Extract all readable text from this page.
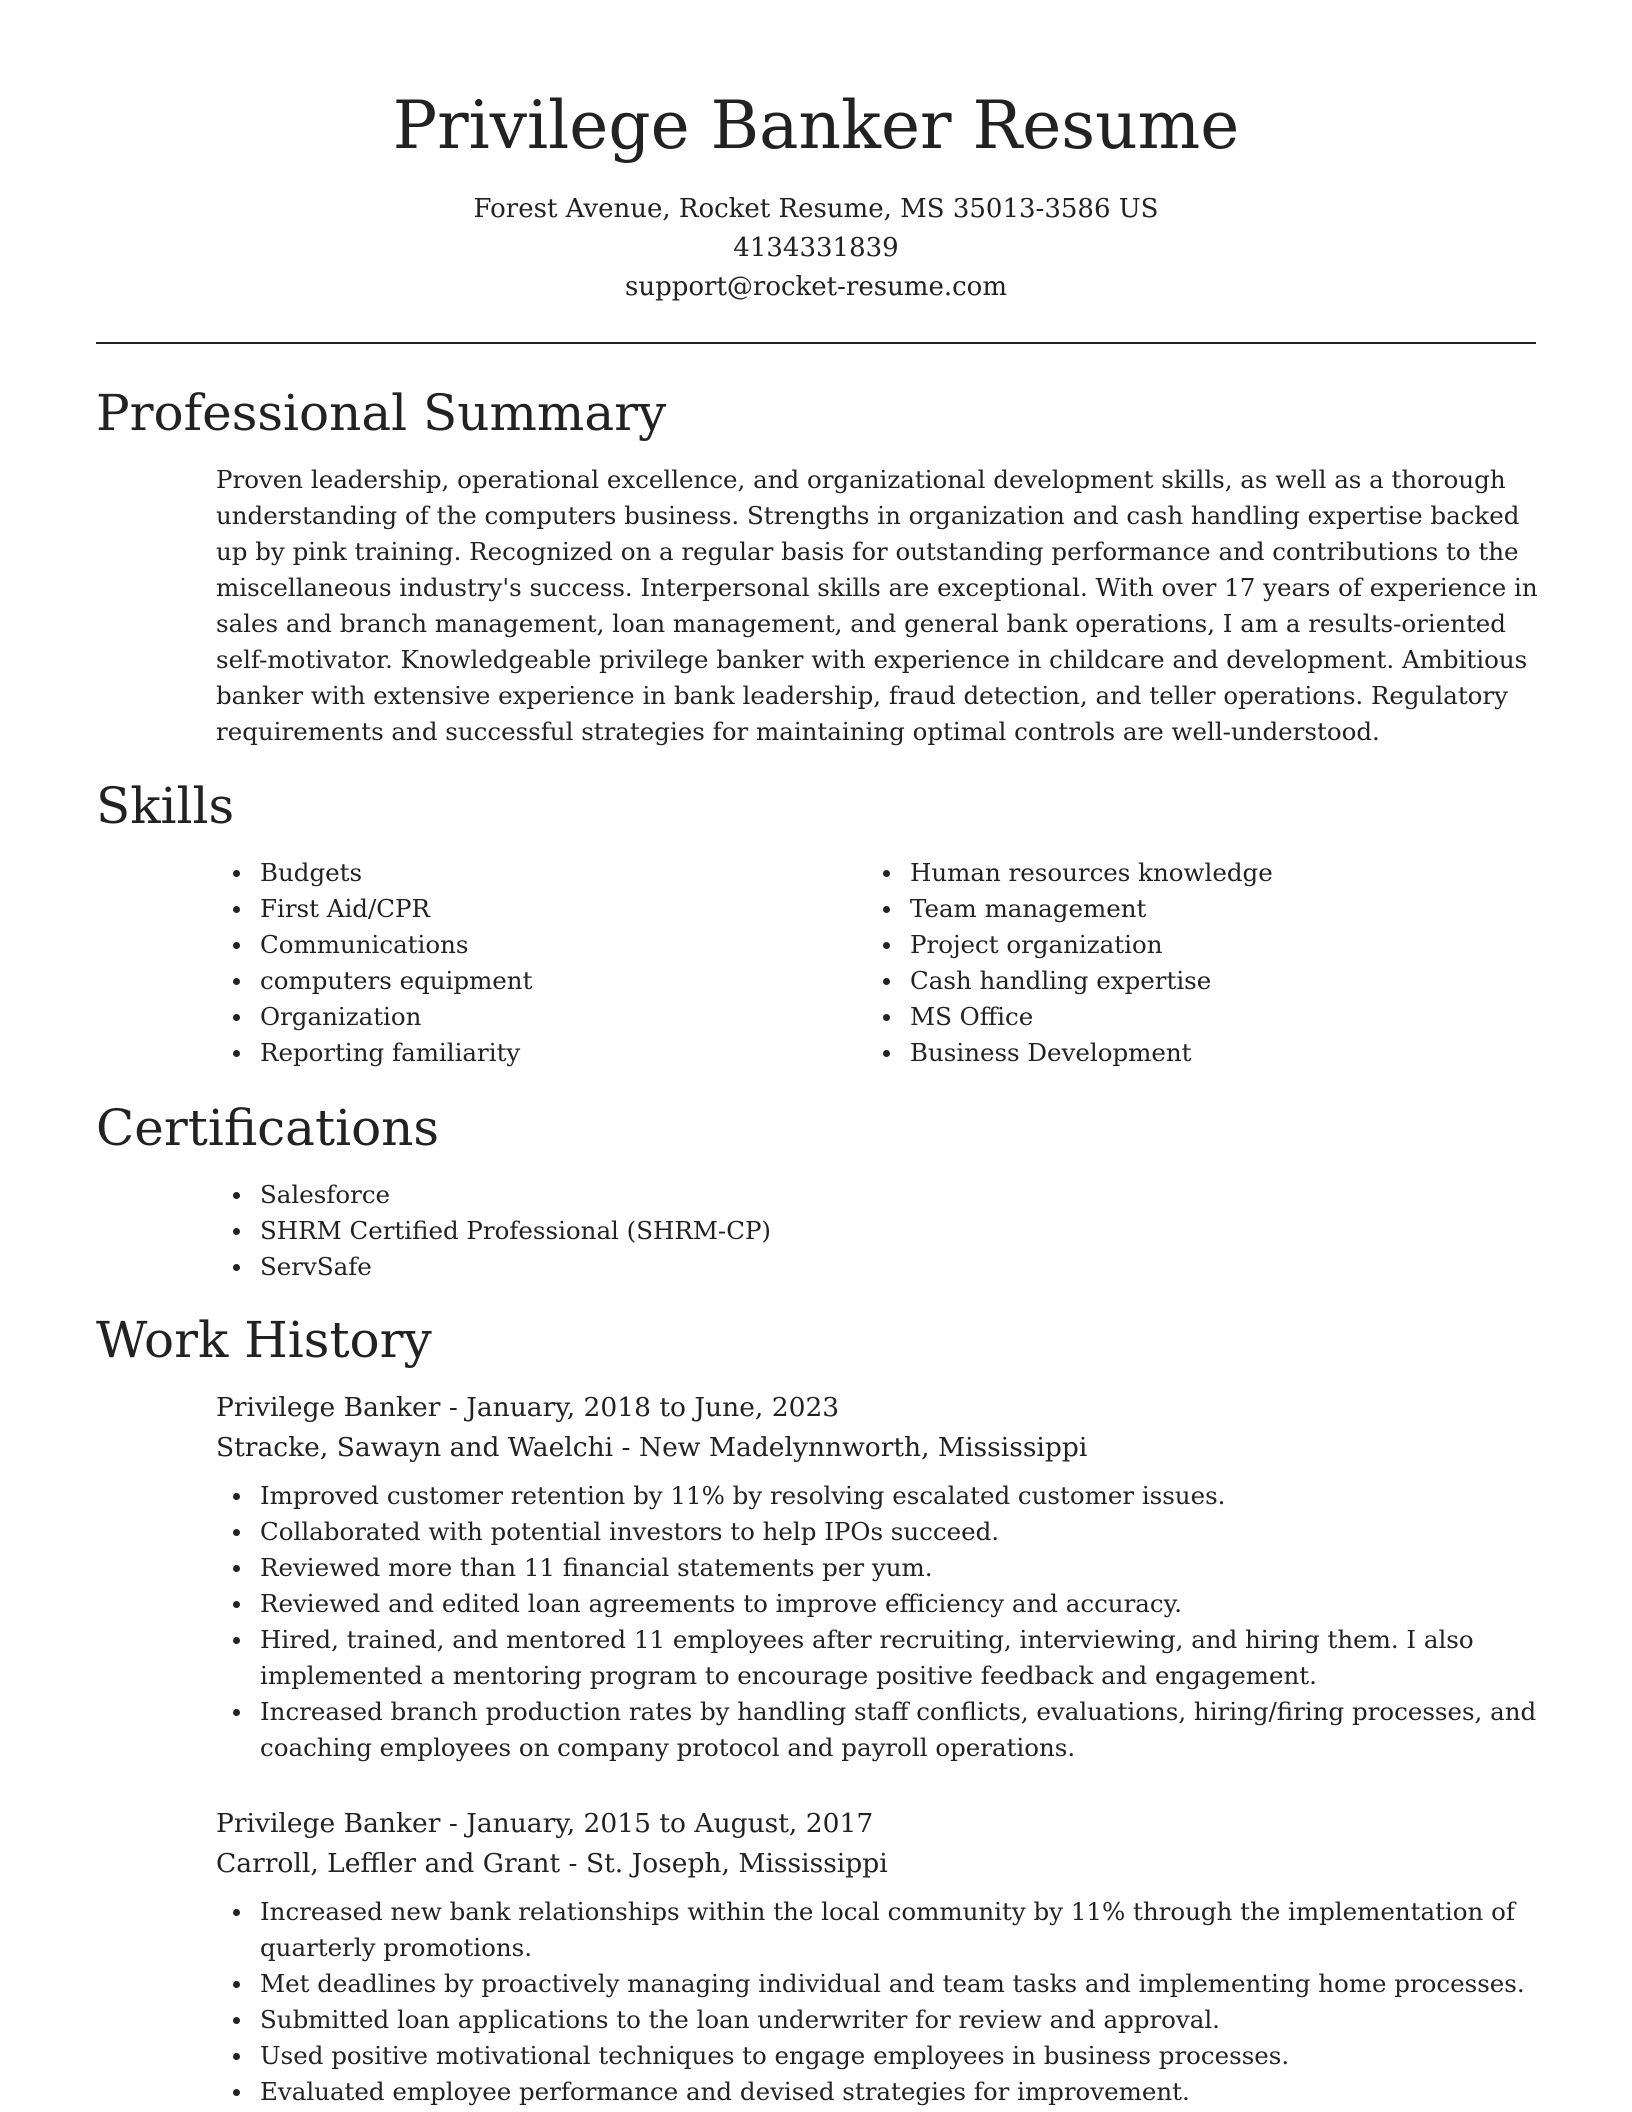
Privilege Banker Resume
Forest Avenue, Rocket Resume, MS 35013-3586 US
4134331839
support@rocket-resume.com
Professional Summary

Proven leadership, operational excellence, and organizational development skills, as well as a thorough understanding of the computers business. Strengths in organization and cash handling expertise backed up by pink training. Recognized on a regular basis for outstanding performance and contributions to the miscellaneous industry's success. Interpersonal skills are exceptional. With over 17 years of experience in sales and branch management, loan management, and general bank operations, I am a results-oriented self-motivator. Knowledgeable privilege banker with experience in childcare and development. Ambitious banker with extensive experience in bank leadership, fraud detection, and teller operations. Regulatory requirements and successful strategies for maintaining optimal controls are well-understood.

Skills
Budgets
First Aid/CPR
Communications
computers equipment
Organization
Reporting familiarity
Human resources knowledge
Team management
Project organization
Cash handling expertise
MS Office
Business Development
Certifications
Salesforce
SHRM Certified Professional (SHRM-CP)
ServSafe
Work History
Privilege Banker - January, 2018 to June, 2023
Stracke, Sawayn and Waelchi - New Madelynnworth, Mississippi
Improved customer retention by 11% by resolving escalated customer issues.
Collaborated with potential investors to help IPOs succeed.
Reviewed more than 11 financial statements per yum.
Reviewed and edited loan agreements to improve efficiency and accuracy.
Hired, trained, and mentored 11 employees after recruiting, interviewing, and hiring them. I also implemented a mentoring program to encourage positive feedback and engagement.
Increased branch production rates by handling staff conflicts, evaluations, hiring/firing processes, and coaching employees on company protocol and payroll operations.
Privilege Banker - January, 2015 to August, 2017
Carroll, Leffler and Grant - St. Joseph, Mississippi
Increased new bank relationships within the local community by 11% through the implementation of quarterly promotions.
Met deadlines by proactively managing individual and team tasks and implementing home processes.
Submitted loan applications to the loan underwriter for review and approval.
Used positive motivational techniques to engage employees in business processes.
Evaluated employee performance and devised strategies for improvement.
